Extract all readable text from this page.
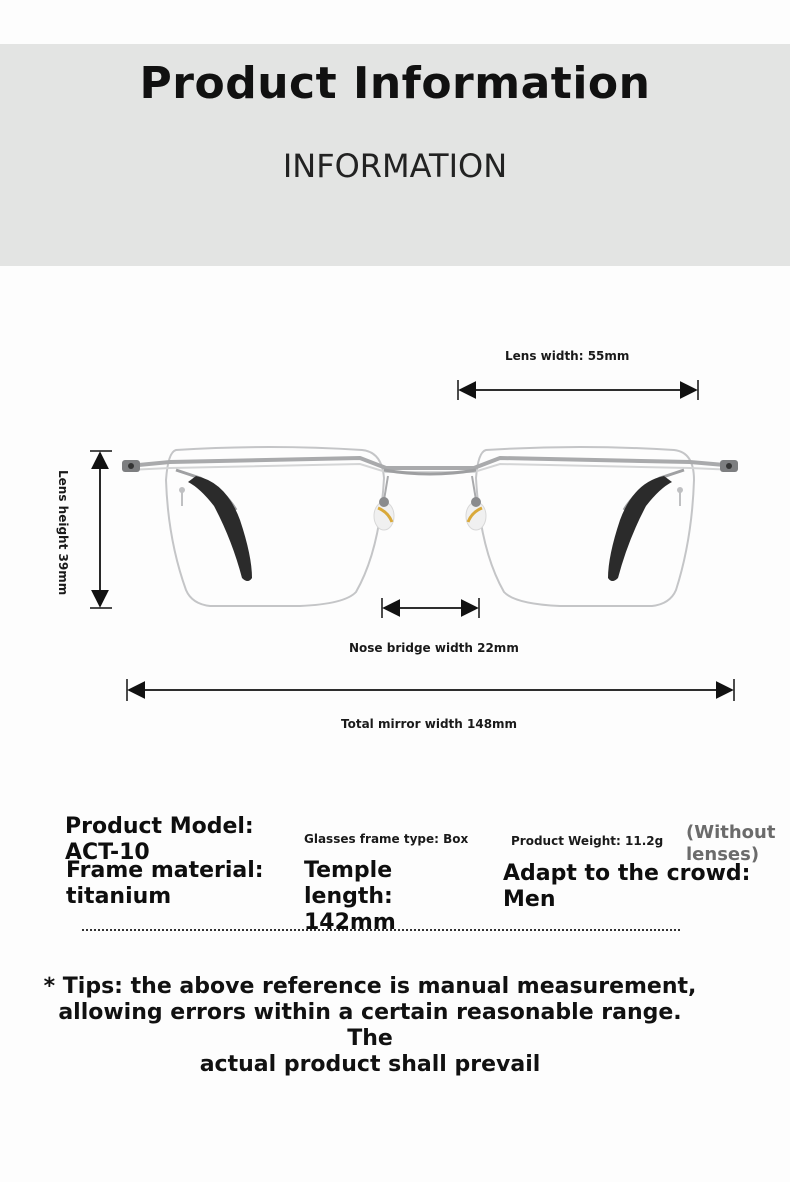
Product Information
INFORMATION
Lens width: 55mm
Lens height 39mm
Nose bridge width 22mm
Total mirror width 148mm
Product Model:
ACT-10
Glasses frame type: Box	Product Weight: 11.2g (Without
lenses)
Frame material:
titanium
Temple
length:
142mm
Adapt to the crowd:
Men
* Tips: the above reference is manual measurement,
allowing errors within a certain reasonable range. The
actual product shall prevail
